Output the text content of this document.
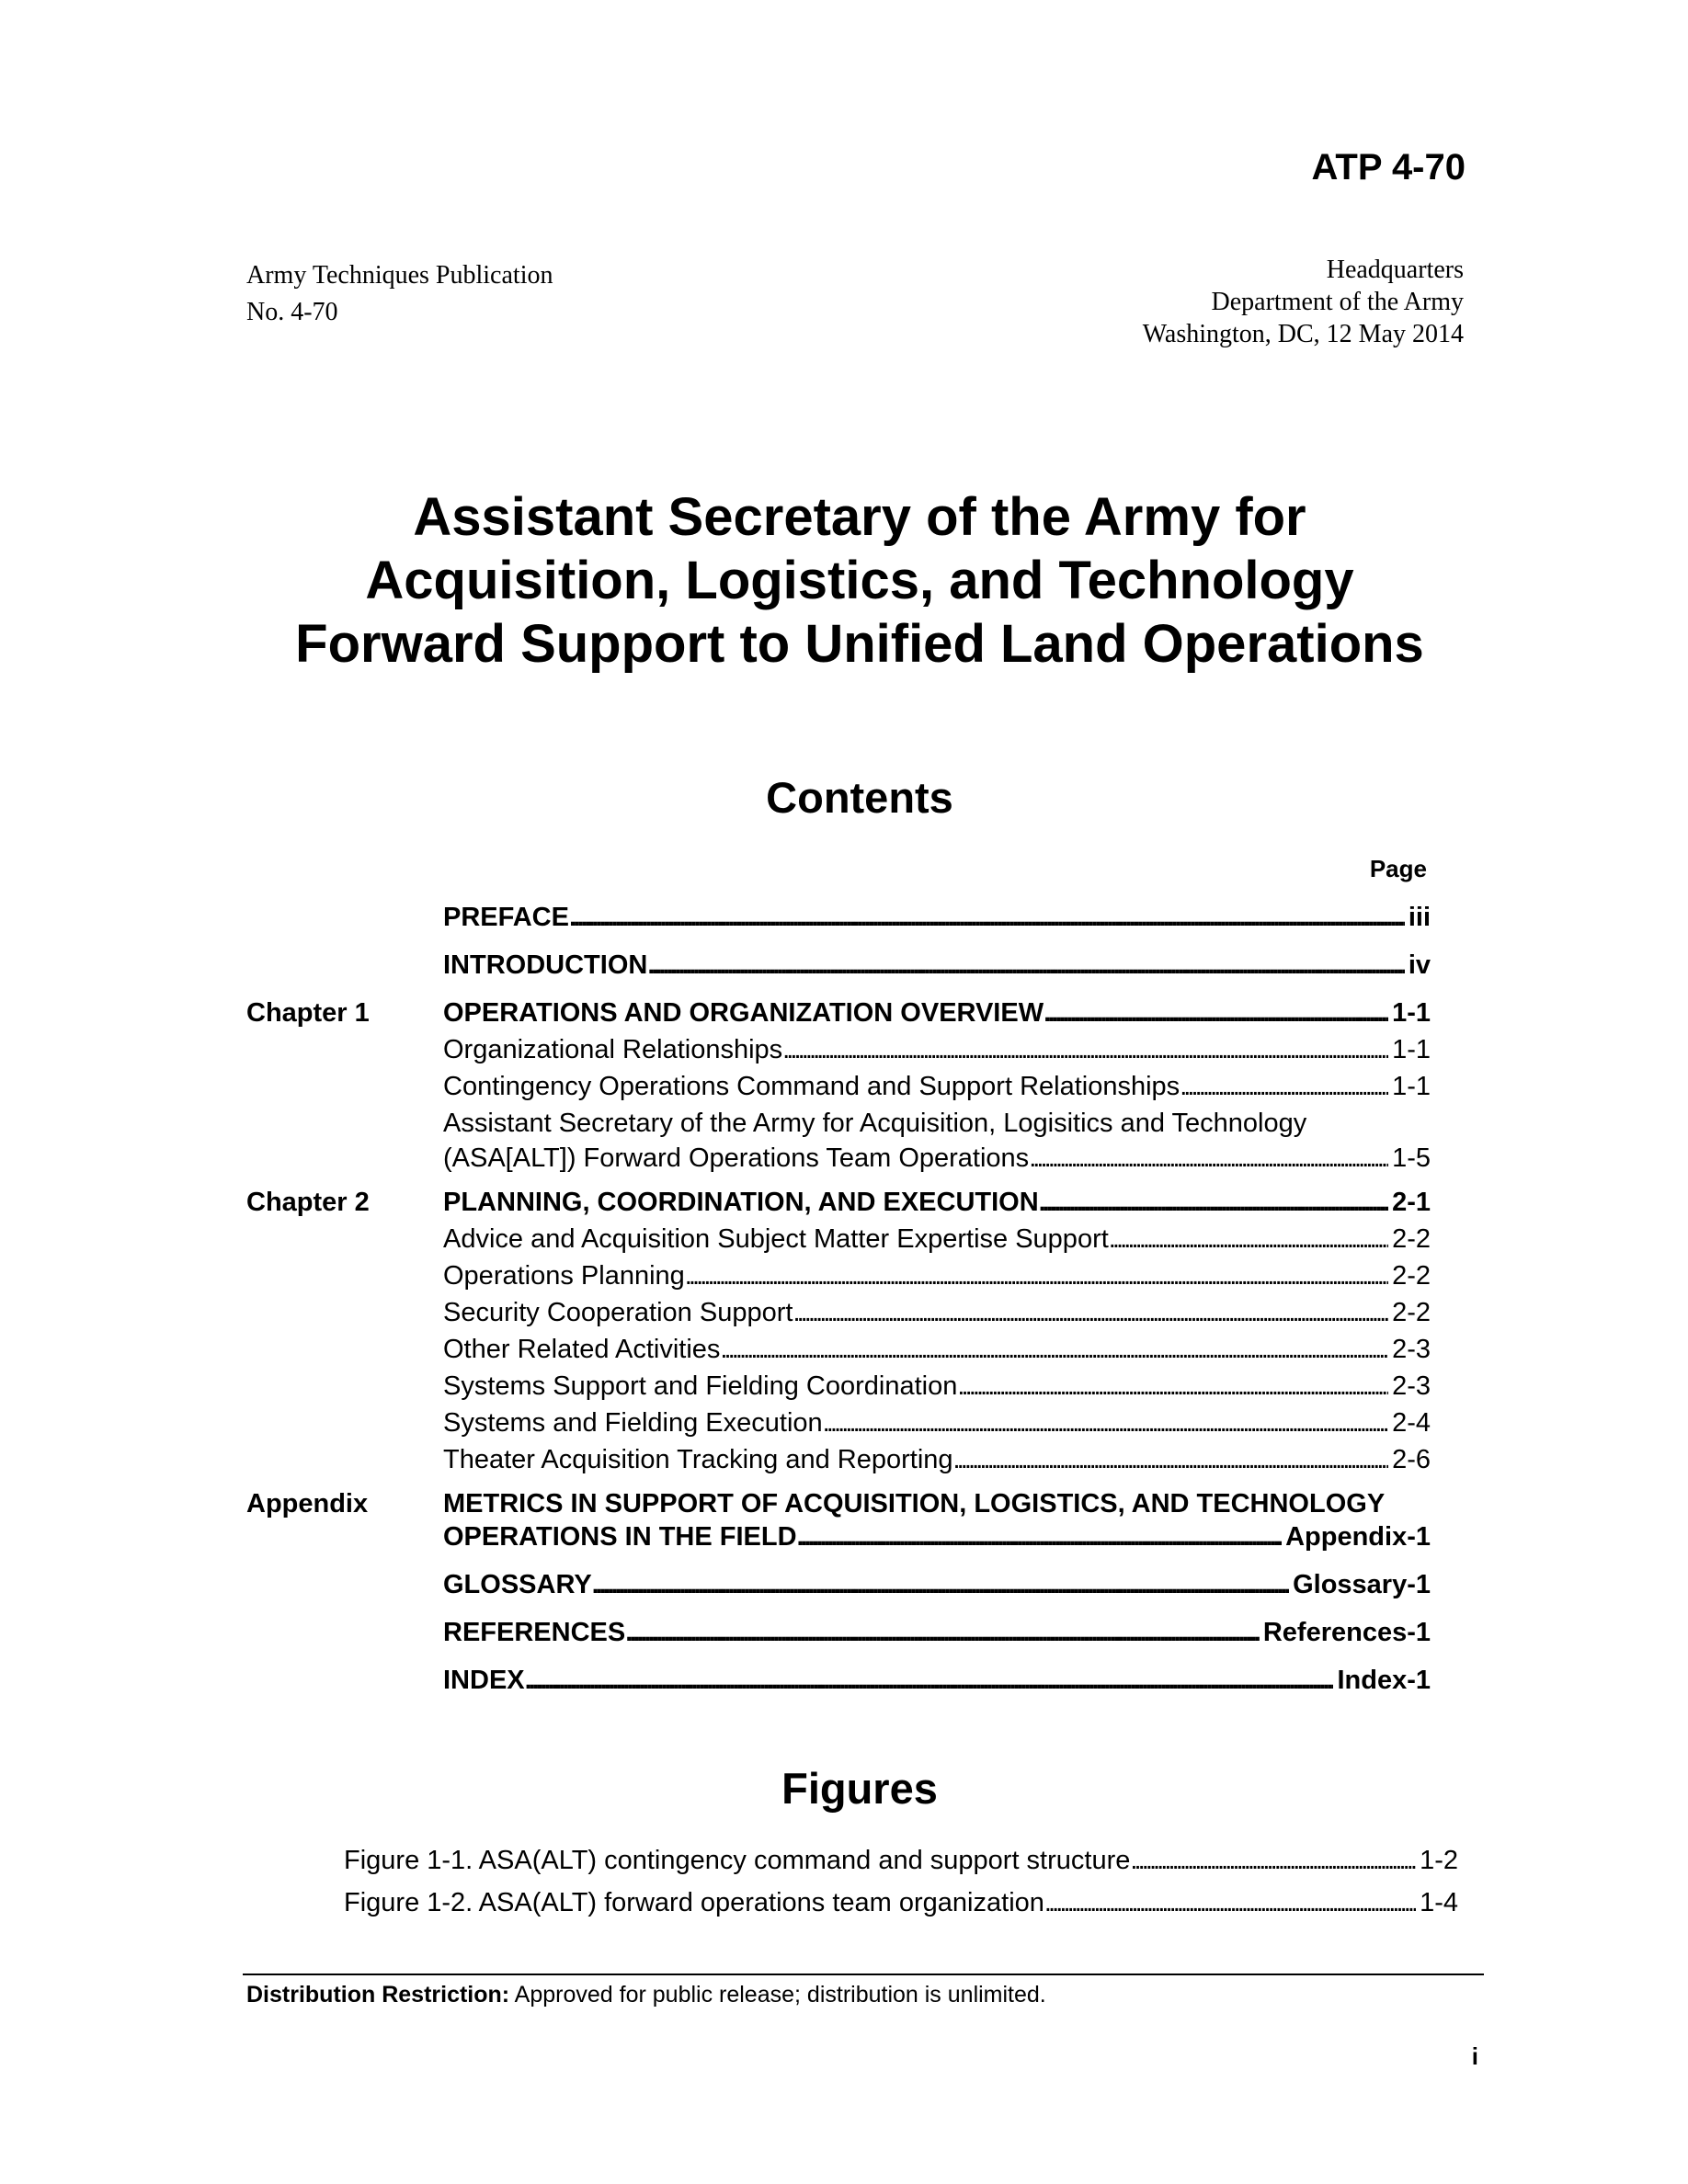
ATP 4-70
Army Techniques Publication
No. 4-70
Headquarters
Department of the Army
Washington, DC, 12 May 2014
Assistant Secretary of the Army for
Acquisition, Logistics, and Technology
Forward Support to Unified Land Operations
Contents
Page
PREFACE . . .	iii
INTRODUCTION . . .	iv
Chapter 1	OPERATIONS AND ORGANIZATION OVERVIEW . . .	1-1
Organizational Relationships . . .	1-1
Contingency Operations Command and Support Relationships . . .	1-1
Assistant Secretary of the Army for Acquisition, Logisitics and Technology
(ASA[ALT]) Forward Operations Team Operations . . .	1-5
Chapter 2	PLANNING, COORDINATION, AND EXECUTION . . .	2-1
Advice and Acquisition Subject Matter Expertise Support . . .	2-2
Operations Planning . . .	2-2
Security Cooperation Support . . .	2-2
Other Related Activities . . .	2-3
Systems Support and Fielding Coordination . . .	2-3
Systems and Fielding Execution . . .	2-4
Theater Acquisition Tracking and Reporting . . .	2-6
Appendix	METRICS IN SUPPORT OF ACQUISITION, LOGISTICS, AND TECHNOLOGY
OPERATIONS IN THE FIELD . . .	Appendix-1
GLOSSARY . . .	Glossary-1
REFERENCES . . .	References-1
INDEX . . .	Index-1
Figures
Figure 1-1. ASA(ALT) contingency command and support structure . . .	1-2
Figure 1-2. ASA(ALT) forward operations team organization . . .	1-4
Distribution Restriction: Approved for public release; distribution is unlimited.
i
